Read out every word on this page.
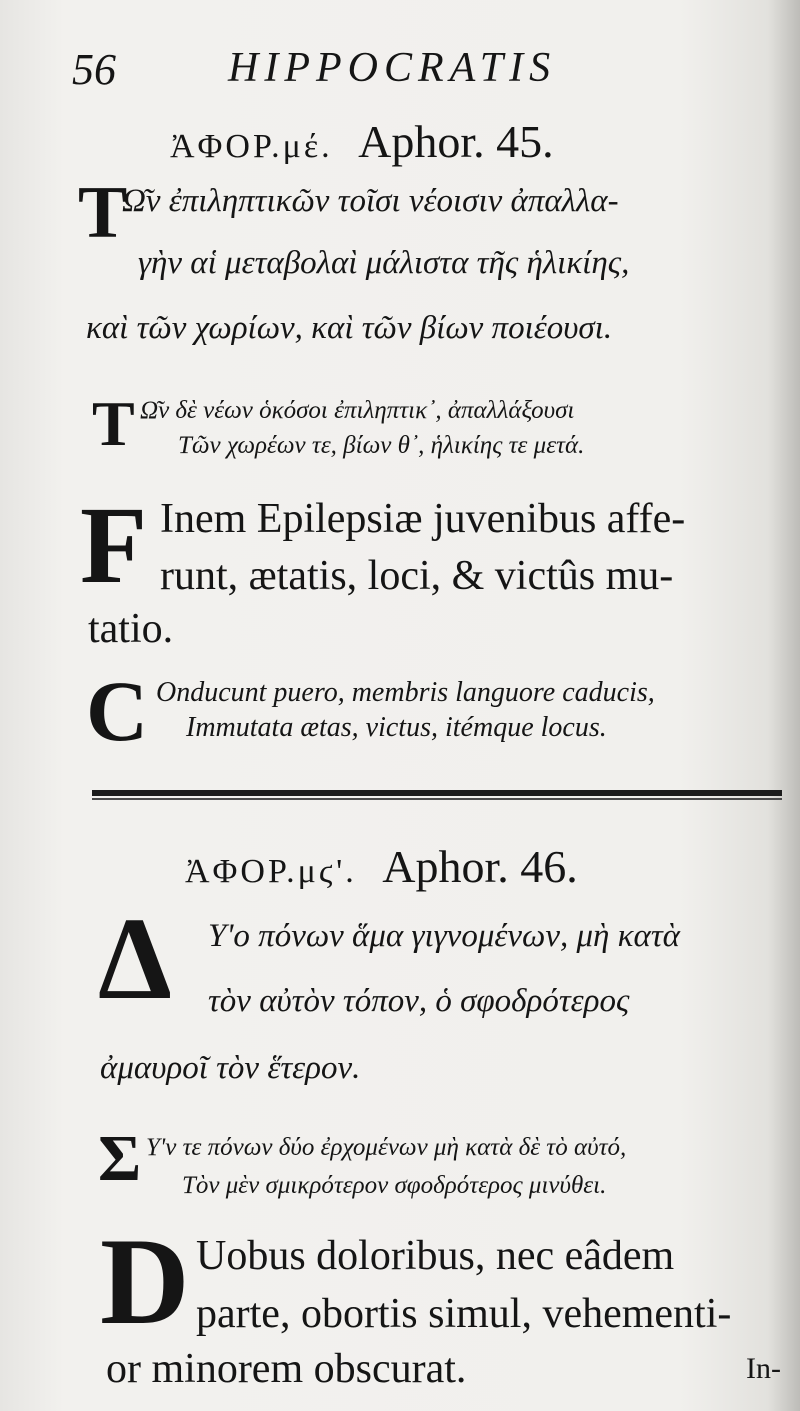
56	HIPPOCRATIS
ἈΦΟΡ.μέ. Aphor. 45.
T
Ω͂ν ἐπιληπτικῶν τοῖσι νέοισιν ἀπαλλα-
γὴν αἱ μεταβολαὶ μάλιστα τῆς ἡλικίης,
καὶ τῶν χωρίων, καὶ τῶν βίων ποιέουσι.
T Ω͂ν δὲ νέων ὁκόσοι ἐπιληπτικ᾽, ἀπαλλάξουσι
Τῶν χωρέων τε, βίων θ᾽, ἡλικίης τε μετά.
F Inem Epilepsiæ juvenibus affe-
runt, ætatis, loci, & victûs mu-
tatio.
C Onducunt puero, membris languore caducis,
Immutata ætas, victus, itémque locus.
ἈΦΟΡ.μϛ'. Aphor. 46.
Δ Υ'ο πόνων ἅμα γιγνομένων, μὴ κατὰ
τὸν αὐτὸν τόπον, ὁ σφοδρότερος
ἀμαυροῖ τὸν ἕτερον.
Σ Υ'ν τε πόνων δύο ἐρχομένων μὴ κατὰ δὲ τὸ αὐτό,
Τὸν μὲν σμικρότερον σφοδρότερος μινύθει.
D Uobus doloribus, nec eâdem
parte, obortis simul, vehementi-
or minorem obscurat.	In-
